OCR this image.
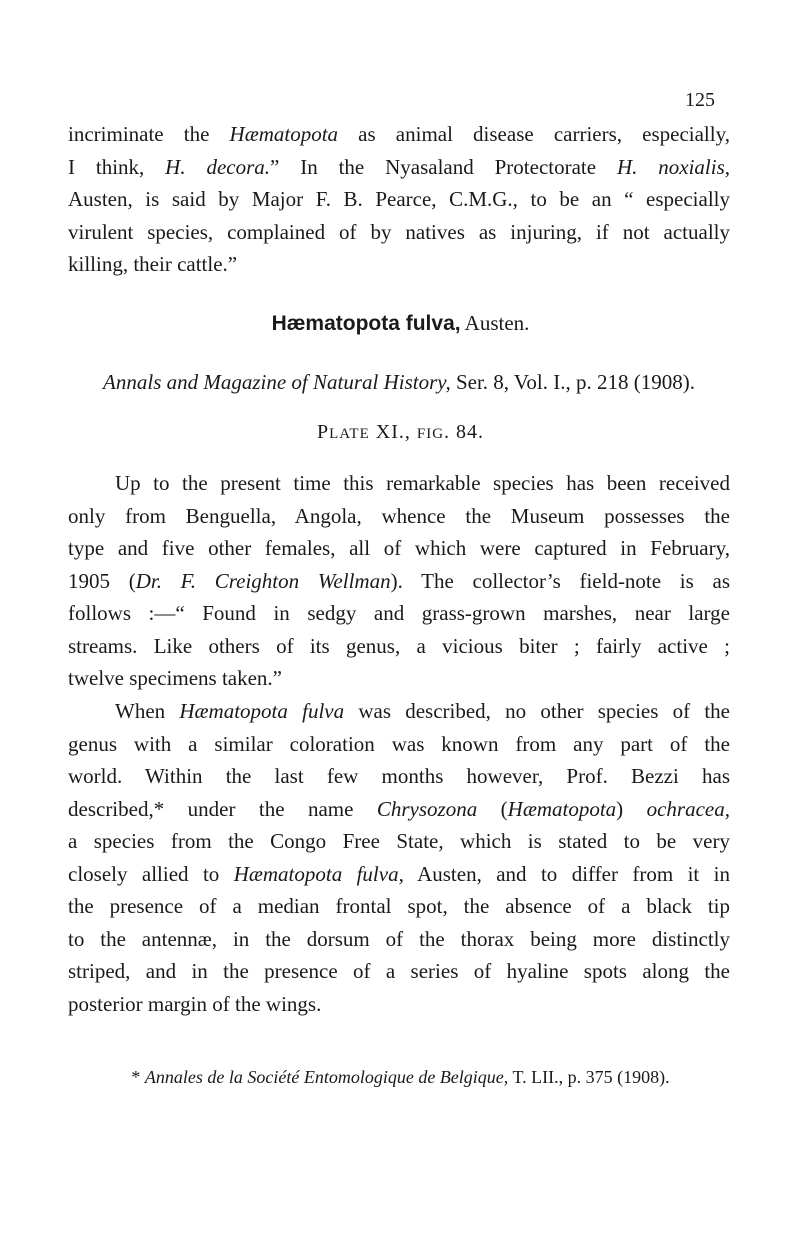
125
incriminate the Hæmatopota as animal disease carriers, especially,
I think, H. decora.” In the Nyasaland Protectorate H. noxialis,
Austen, is said by Major F. B. Pearce, C.M.G., to be an “ especially
virulent species, complained of by natives as injuring, if not actually
killing, their cattle.”
Hæmatopota fulva, Austen.
Annals and Magazine of Natural History, Ser. 8, Vol. I., p. 218 (1908).
PLATE XI., FIG. 84.
Up to the present time this remarkable species has been received
only from Benguella, Angola, whence the Museum possesses the
type and five other females, all of which were captured in February,
1905 (Dr. F. Creighton Wellman). The collector’s field-note is as
follows :—“ Found in sedgy and grass-grown marshes, near large
streams. Like others of its genus, a vicious biter ; fairly active ;
twelve specimens taken.”
When Hæmatopota fulva was described, no other species of the
genus with a similar coloration was known from any part of the
world. Within the last few months however, Prof. Bezzi has
described,* under the name Chrysozona (Hæmatopota) ochracea,
a species from the Congo Free State, which is stated to be very
closely allied to Hæmatopota fulva, Austen, and to differ from it in
the presence of a median frontal spot, the absence of a black tip
to the antennæ, in the dorsum of the thorax being more distinctly
striped, and in the presence of a series of hyaline spots along the
posterior margin of the wings.
* Annales de la Société Entomologique de Belgique, T. LII., p. 375 (1908).
